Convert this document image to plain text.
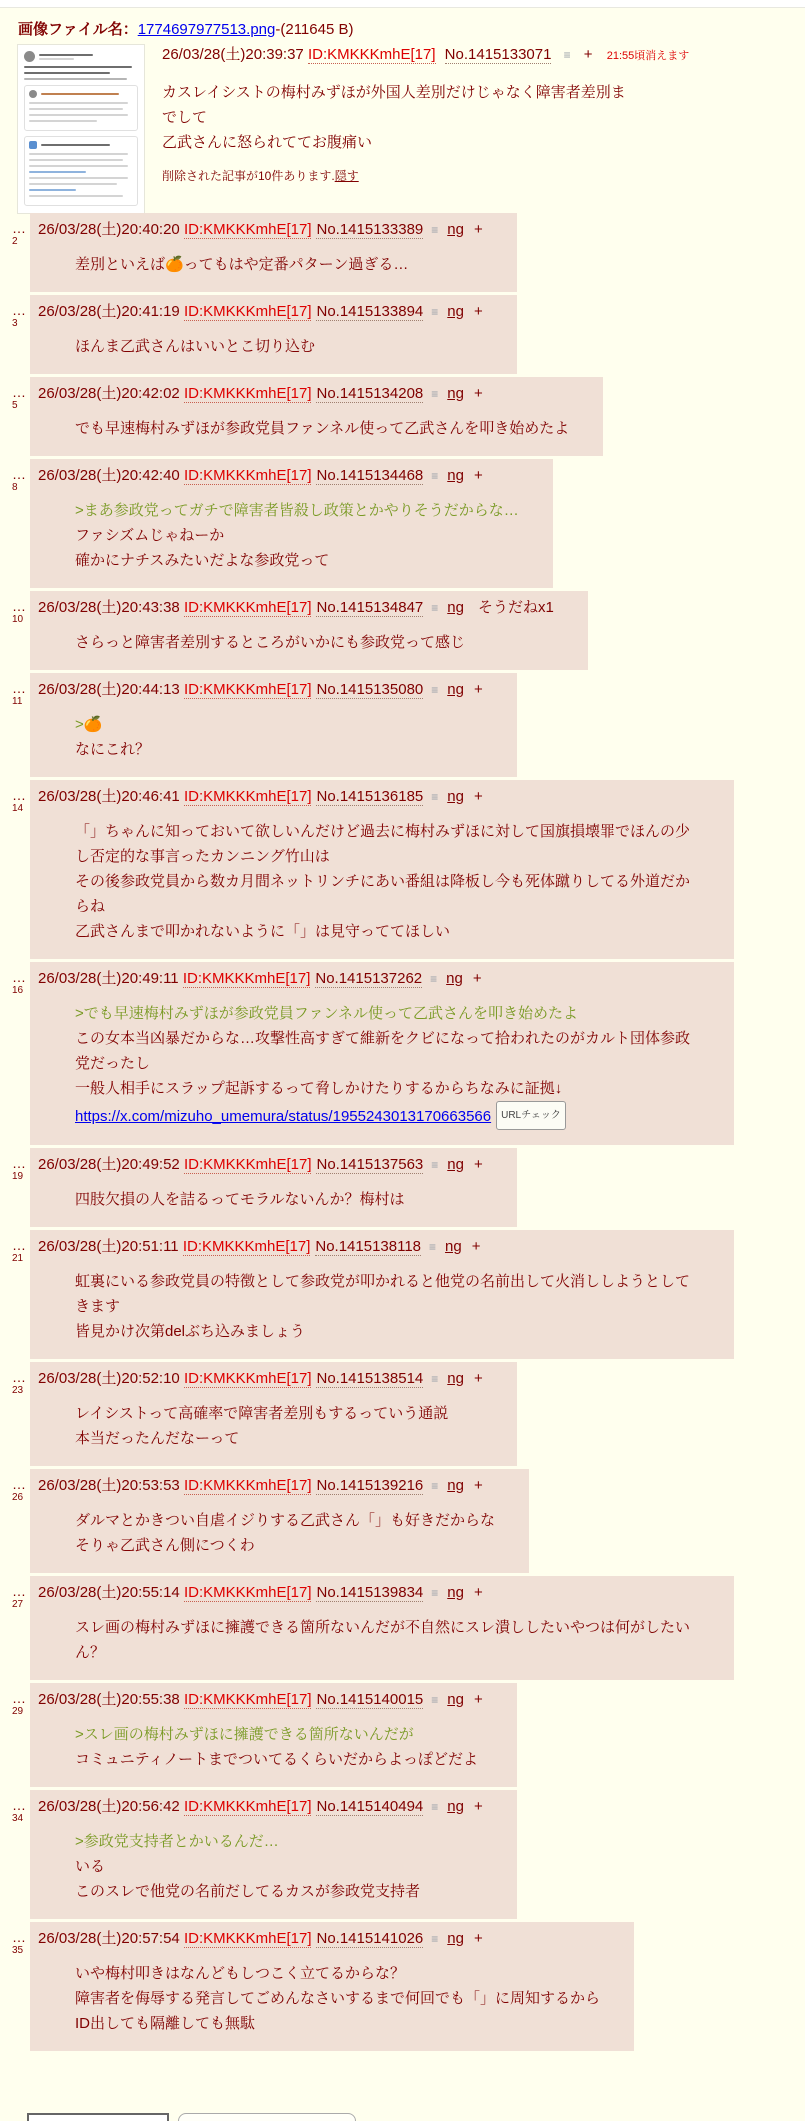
画像ファイル名：1774697977513.png-(211645 B)
26/03/28(土)20:39:37 ID:KMKKKmhE[17] No.1415133071 ≡ + 21:55頃消えます
カスレイシストの梅村みずほが外国人差別だけじゃなく障害者差別までして
乙武さんに怒られててお腹痛い
削除された記事が10件あります.隠す
…$^2$
26/03/28(土)20:40:20 ID:KMKKKmhE[17] No.1415133389 ≡ ng +
差別といえば🍊ってもはや定番パターン過ぎる…
…$^3$
26/03/28(土)20:41:19 ID:KMKKKmhE[17] No.1415133894 ≡ ng +
ほんま乙武さんはいいとこ切り込む
…$^5$
26/03/28(土)20:42:02 ID:KMKKKmhE[17] No.1415134208 ≡ ng +
でも早速梅村みずほが参政党員ファンネル使って乙武さんを叩き始めたよ
…$^8$
26/03/28(土)20:42:40 ID:KMKKKmhE[17] No.1415134468 ≡ ng +
>まあ参政党ってガチで障害者皆殺し政策とかやりそうだからな…
ファシズムじゃねーか
確かにナチスみたいだよな参政党って
…$^{10}$
26/03/28(土)20:43:38 ID:KMKKKmhE[17] No.1415134847 ≡ ng そうだねx1
さらっと障害者差別するところがいかにも参政党って感じ
…$^{11}$
26/03/28(土)20:44:13 ID:KMKKKmhE[17] No.1415135080 ≡ ng +
>🍊
なにこれ？
…$^{14}$
26/03/28(土)20:46:41 ID:KMKKKmhE[17] No.1415136185 ≡ ng +
「」ちゃんに知っておいて欲しいんだけど過去に梅村みずほに対して国旗損壊罪でほんの少し否定的な事言ったカンニング竹山は
その後参政党員から数カ月間ネットリンチにあい番組は降板し今も死体蹴りしてる外道だからね
乙武さんまで叩かれないように「」は見守っててほしい
…$^{16}$
26/03/28(土)20:49:11 ID:KMKKKmhE[17] No.1415137262 ≡ ng +
>でも早速梅村みずほが参政党員ファンネル使って乙武さんを叩き始めたよ
この女本当凶暴だからな…攻撃性高すぎて維新をクビになって拾われたのがカルト団体参政党だったし
一般人相手にスラップ起訴するって脅しかけたりするからちなみに証拠↓
https://x.com/mizuho_umemura/status/1955243013170663566 URLチェック
…$^{19}$
26/03/28(土)20:49:52 ID:KMKKKmhE[17] No.1415137563 ≡ ng +
四肢欠損の人を詰るってモラルないんか？梅村は
…$^{21}$
26/03/28(土)20:51:11 ID:KMKKKmhE[17] No.1415138118 ≡ ng +
虹裏にいる参政党員の特徴として参政党が叩かれると他党の名前出して火消ししようとしてきます
皆見かけ次第delぶち込みましょう
…$^{23}$
26/03/28(土)20:52:10 ID:KMKKKmhE[17] No.1415138514 ≡ ng +
レイシストって高確率で障害者差別もするっていう通説
本当だったんだなーって
…$^{26}$
26/03/28(土)20:53:53 ID:KMKKKmhE[17] No.1415139216 ≡ ng +
ダルマとかきつい自虐イジりする乙武さん「」も好きだからな
そりゃ乙武さん側につくわ
…$^{27}$
26/03/28(土)20:55:14 ID:KMKKKmhE[17] No.1415139834 ≡ ng +
スレ画の梅村みずほに擁護できる箇所ないんだが不自然にスレ潰ししたいやつは何がしたいん？
…$^{29}$
26/03/28(土)20:55:38 ID:KMKKKmhE[17] No.1415140015 ≡ ng +
>スレ画の梅村みずほに擁護できる箇所ないんだが
コミュニティノートまでついてるくらいだからよっぽどだよ
…$^{34}$
26/03/28(土)20:56:42 ID:KMKKKmhE[17] No.1415140494 ≡ ng +
>参政党支持者とかいるんだ…
いる
このスレで他党の名前だしてるカスが参政党支持者
…$^{35}$
26/03/28(土)20:57:54 ID:KMKKKmhE[17] No.1415141026 ≡ ng +
いや梅村叩きはなんどもしつこく立てるからな？
障害者を侮辱する発言してごめんなさいするまで何回でも「」に周知するから
ID出しても隔離しても無駄
